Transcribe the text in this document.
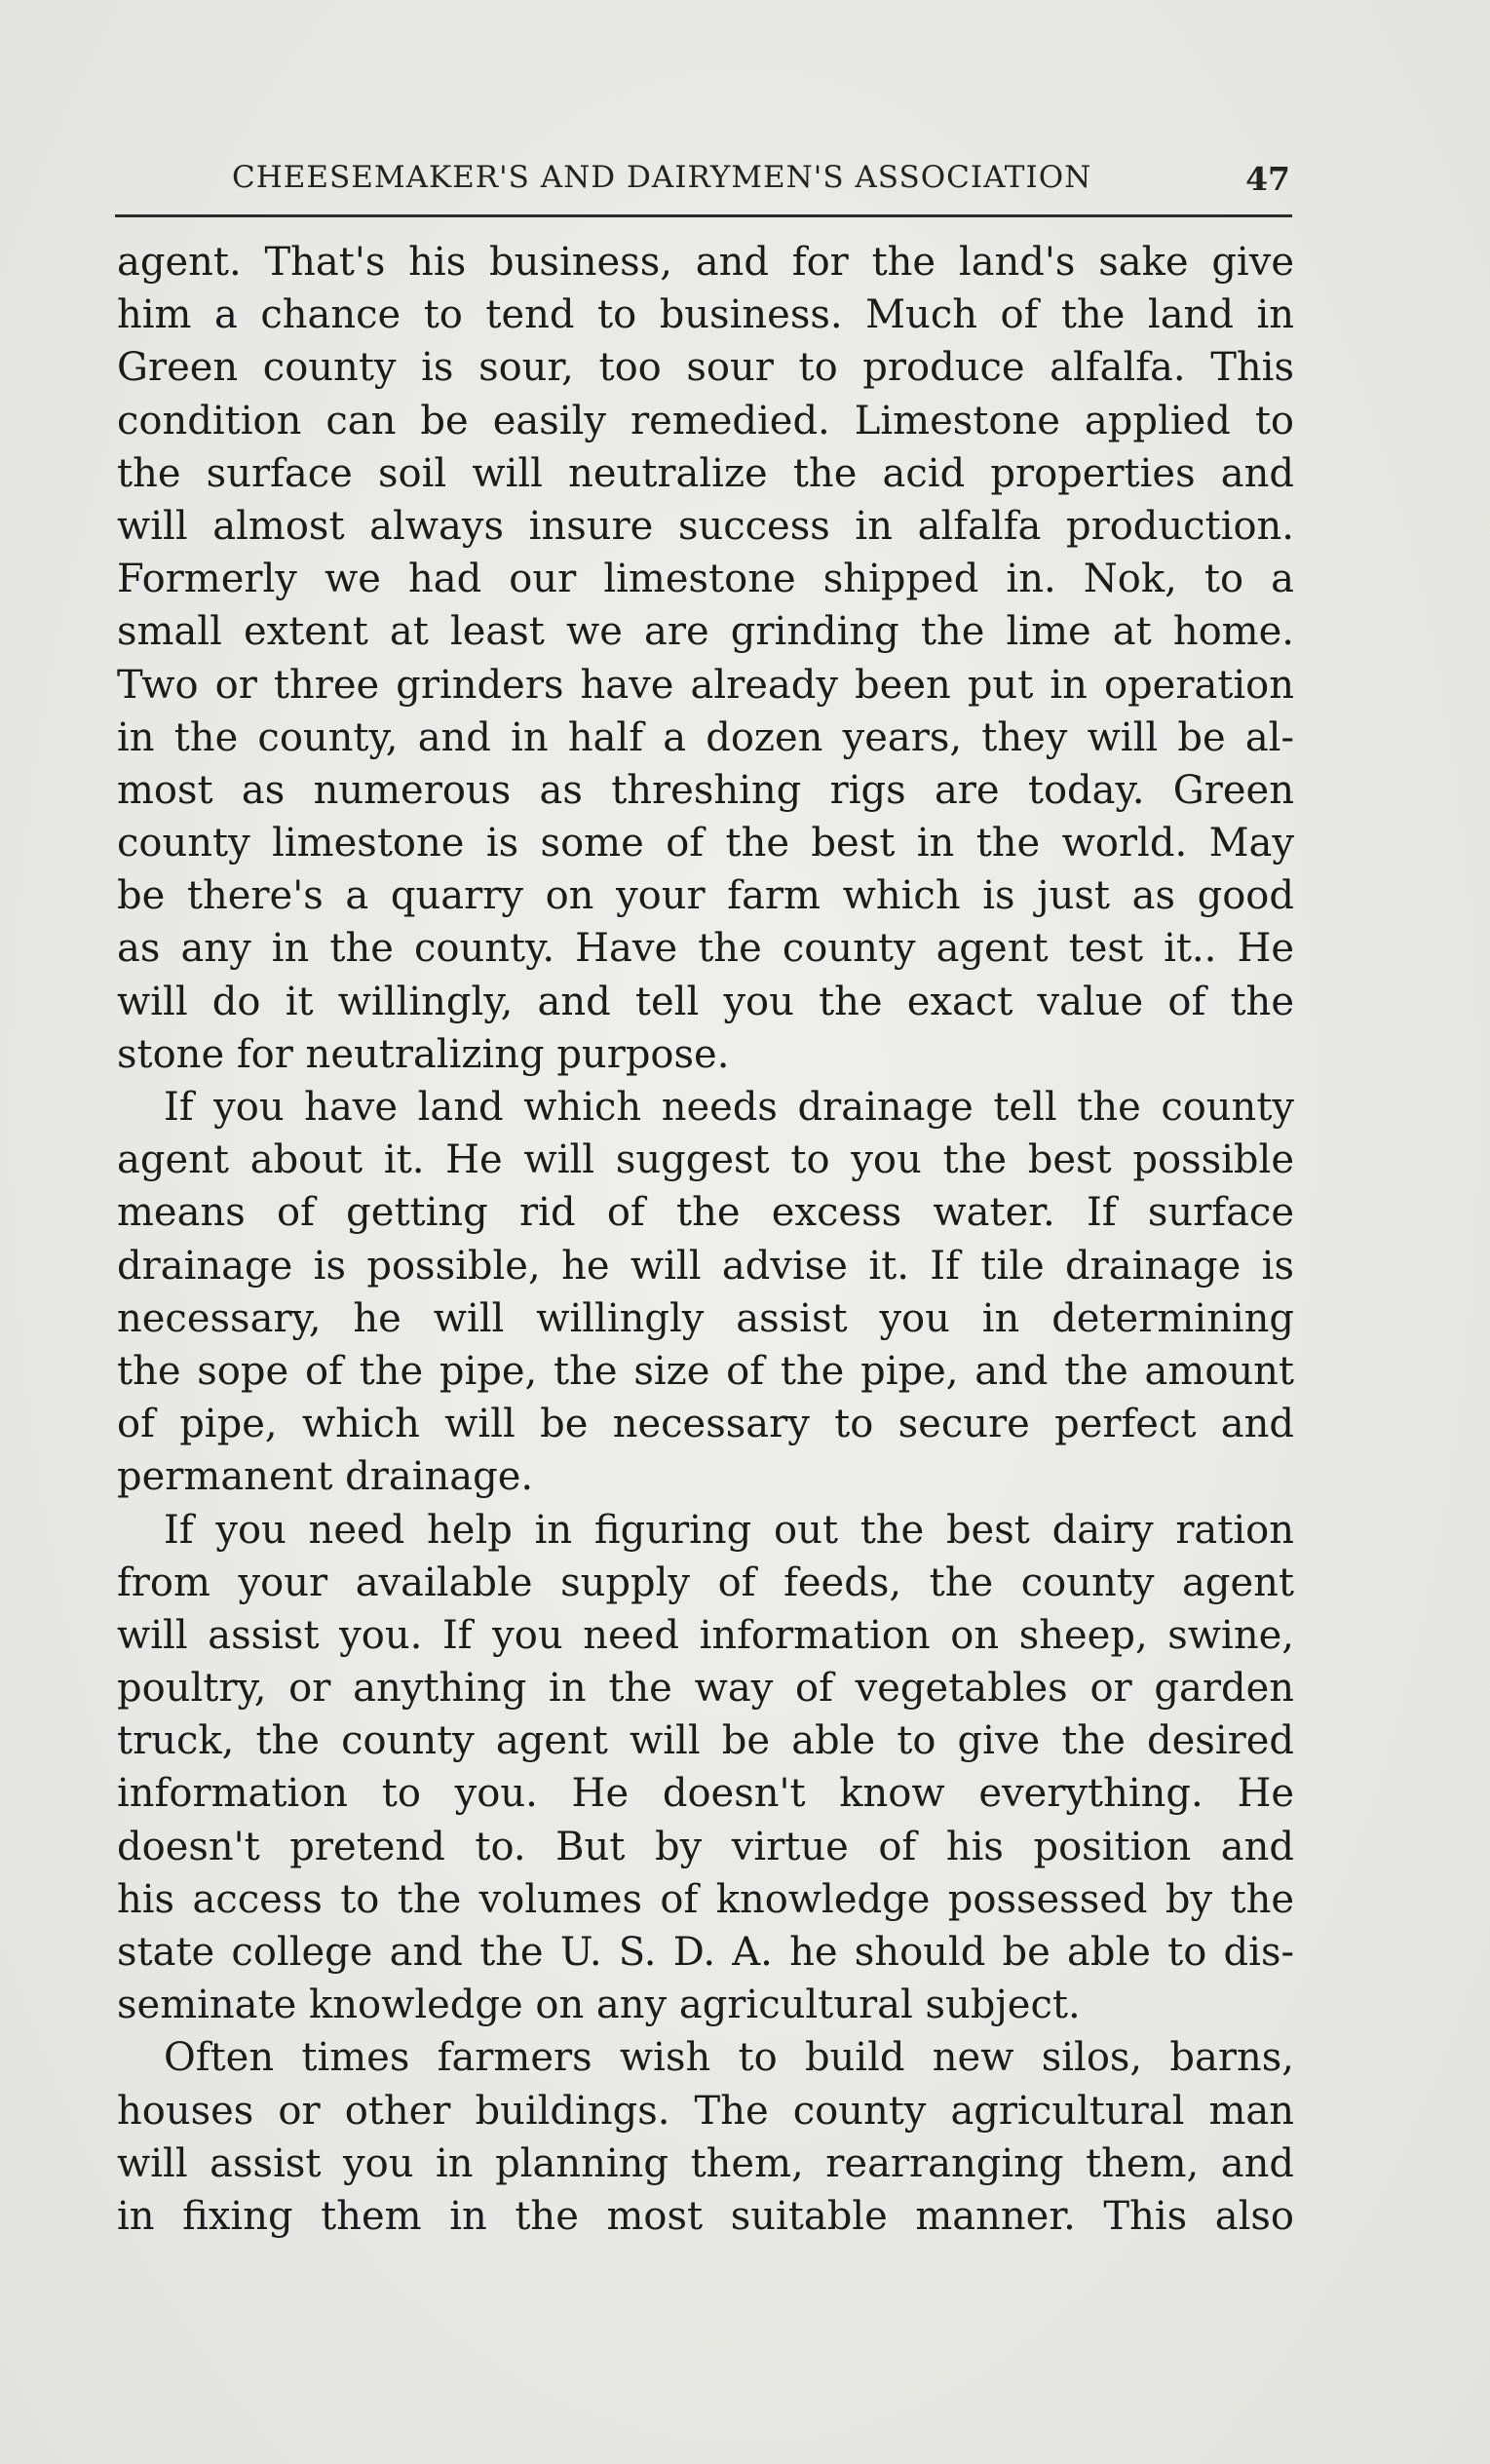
CHEESEMAKER'S AND DAIRYMEN'S ASSOCIATION	47
agent. That's his business, and for the land's sake give
him a chance to tend to business. Much of the land in
Green county is sour, too sour to produce alfalfa. This
condition can be easily remedied. Limestone applied to
the surface soil will neutralize the acid properties and
will almost always insure success in alfalfa production.
Formerly we had our limestone shipped in. Nok, to a
small extent at least we are grinding the lime at home.
Two or three grinders have already been put in operation
in the county, and in half a dozen years, they will be al-
most as numerous as threshing rigs are today. Green
county limestone is some of the best in the world. May
be there's a quarry on your farm which is just as good
as any in the county. Have the county agent test it.. He
will do it willingly, and tell you the exact value of the
stone for neutralizing purpose.
If you have land which needs drainage tell the county
agent about it. He will suggest to you the best possible
means of getting rid of the excess water. If surface
drainage is possible, he will advise it. If tile drainage is
necessary, he will willingly assist you in determining
the sope of the pipe, the size of the pipe, and the amount
of pipe, which will be necessary to secure perfect and
permanent drainage.
If you need help in figuring out the best dairy ration
from your available supply of feeds, the county agent
will assist you. If you need information on sheep, swine,
poultry, or anything in the way of vegetables or garden
truck, the county agent will be able to give the desired
information to you. He doesn't know everything. He
doesn't pretend to. But by virtue of his position and
his access to the volumes of knowledge possessed by the
state college and the U. S. D. A. he should be able to dis-
seminate knowledge on any agricultural subject.
Often times farmers wish to build new silos, barns,
houses or other buildings. The county agricultural man
will assist you in planning them, rearranging them, and
in fixing them in the most suitable manner. This also
